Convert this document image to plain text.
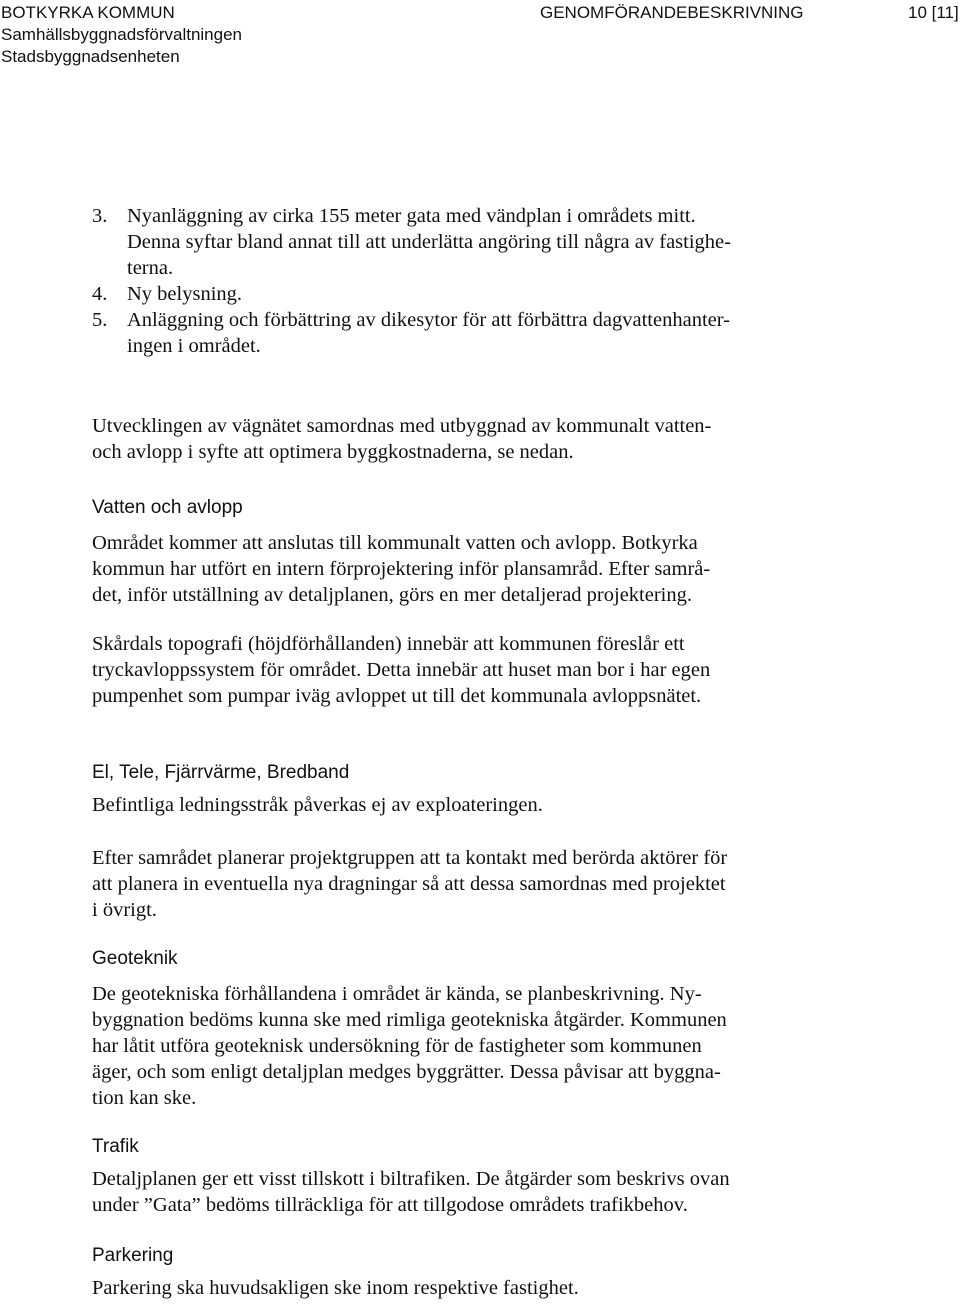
BOTKYRKA KOMMUN
Samhällsbyggnadsförvaltningen
Stadsbyggnadsenheten
GENOMFÖRANDEBESKRIVNING	10 [11]
3. Nyanläggning av cirka 155 meter gata med vändplan i områdets mitt.
Denna syftar bland annat till att underlätta angöring till några av fastighe-
terna.
4. Ny belysning.
5. Anläggning och förbättring av dikesytor för att förbättra dagvattenhanter-
ingen i området.

Utvecklingen av vägnätet samordnas med utbyggnad av kommunalt vatten-
och avlopp i syfte att optimera byggkostnaderna, se nedan.

Vatten och avlopp

Området kommer att anslutas till kommunalt vatten och avlopp. Botkyrka
kommun har utfört en intern förprojektering inför plansamråd. Efter samrå-
det, inför utställning av detaljplanen, görs en mer detaljerad projektering.

Skårdals topografi (höjdförhållanden) innebär att kommunen föreslår ett
tryckavloppssystem för området. Detta innebär att huset man bor i har egen
pumpenhet som pumpar iväg avloppet ut till det kommunala avloppsnätet.

El, Tele, Fjärrvärme, Bredband

Befintliga ledningsstråk påverkas ej av exploateringen.

Efter samrådet planerar projektgruppen att ta kontakt med berörda aktörer för
att planera in eventuella nya dragningar så att dessa samordnas med projektet
i övrigt.

Geoteknik

De geotekniska förhållandena i området är kända, se planbeskrivning. Ny-
byggnation bedöms kunna ske med rimliga geotekniska åtgärder. Kommunen
har låtit utföra geoteknisk undersökning för de fastigheter som kommunen
äger, och som enligt detaljplan medges byggrätter. Dessa påvisar att byggna-
tion kan ske.

Trafik

Detaljplanen ger ett visst tillskott i biltrafiken. De åtgärder som beskrivs ovan
under ”Gata” bedöms tillräckliga för att tillgodose områdets trafikbehov.

Parkering

Parkering ska huvudsakligen ske inom respektive fastighet.
